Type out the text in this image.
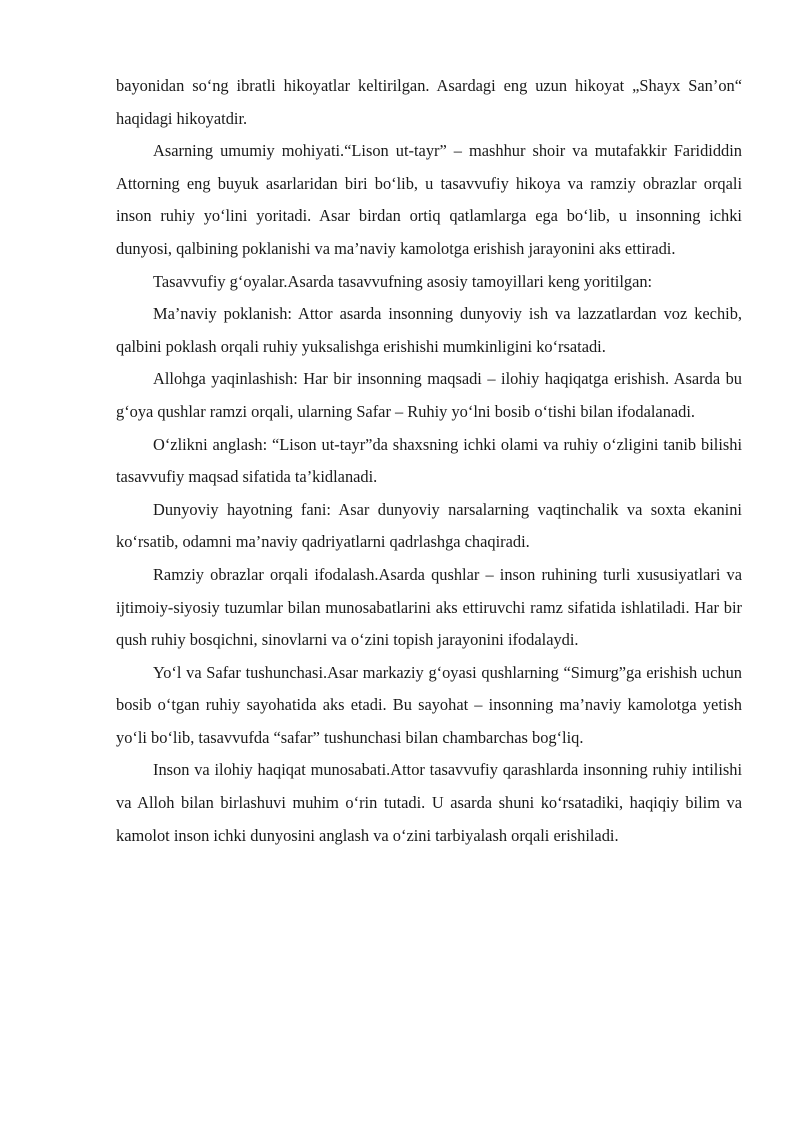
bayonidan so‘ng ibratli hikoyatlar keltirilgan. Asardagi eng uzun hikoyat „Shayx San’on“ haqidagi hikoyatdir.

Asarning umumiy mohiyati.“Lison ut-tayr” – mashhur shoir va mutafakkir Farididdin Attorning eng buyuk asarlaridan biri bo‘lib, u tasavvufiy hikoya va ramziy obrazlar orqali inson ruhiy yo‘lini yoritadi. Asar birdan ortiq qatlamlarga ega bo‘lib, u insonning ichki dunyosi, qalbining poklanishi va ma’naviy kamolotga erishish jarayonini aks ettiradi.

Tasavvufiy g‘oyalar.Asarda tasavvufning asosiy tamoyillari keng yoritilgan:

Ma’naviy poklanish: Attor asarda insonning dunyoviy ish va lazzatlardan voz kechib, qalbini poklash orqali ruhiy yuksalishga erishishi mumkinligini ko‘rsatadi.

Allohga yaqinlashish: Har bir insonning maqsadi – ilohiy haqiqatga erishish. Asarda bu g‘oya qushlar ramzi orqali, ularning Safar – Ruhiy yo‘lni bosib o‘tishi bilan ifodalanadi.

O‘zlikni anglash: “Lison ut-tayr”da shaxsning ichki olami va ruhiy o‘zligini tanib bilishi tasavvufiy maqsad sifatida ta’kidlanadi.

Dunyoviy hayotning fani: Asar dunyoviy narsalarning vaqtinchalik va soxta ekanini ko‘rsatib, odamni ma’naviy qadriyatlarni qadrlashga chaqiradi.

Ramziy obrazlar orqali ifodalash.Asarda qushlar – inson ruhining turli xususiyatlari va ijtimoiy-siyosiy tuzumlar bilan munosabatlarini aks ettiruvchi ramz sifatida ishlatiladi. Har bir qush ruhiy bosqichni, sinovlarni va o‘zini topish jarayonini ifodalaydi.

Yo‘l va Safar tushunchasi.Asar markaziy g‘oyasi qushlarning “Simurg”ga erishish uchun bosib o‘tgan ruhiy sayohatida aks etadi. Bu sayohat – insonning ma’naviy kamolotga yetish yo‘li bo‘lib, tasavvufda “safar” tushunchasi bilan chambarchas bog‘liq.

Inson va ilohiy haqiqat munosabati.Attor tasavvufiy qarashlarda insonning ruhiy intilishi va Alloh bilan birlashuvi muhim o‘rin tutadi. U asarda shuni ko‘rsatadiki, haqiqiy bilim va kamolot inson ichki dunyosini anglash va o‘zini tarbiyalash orqali erishiladi.
